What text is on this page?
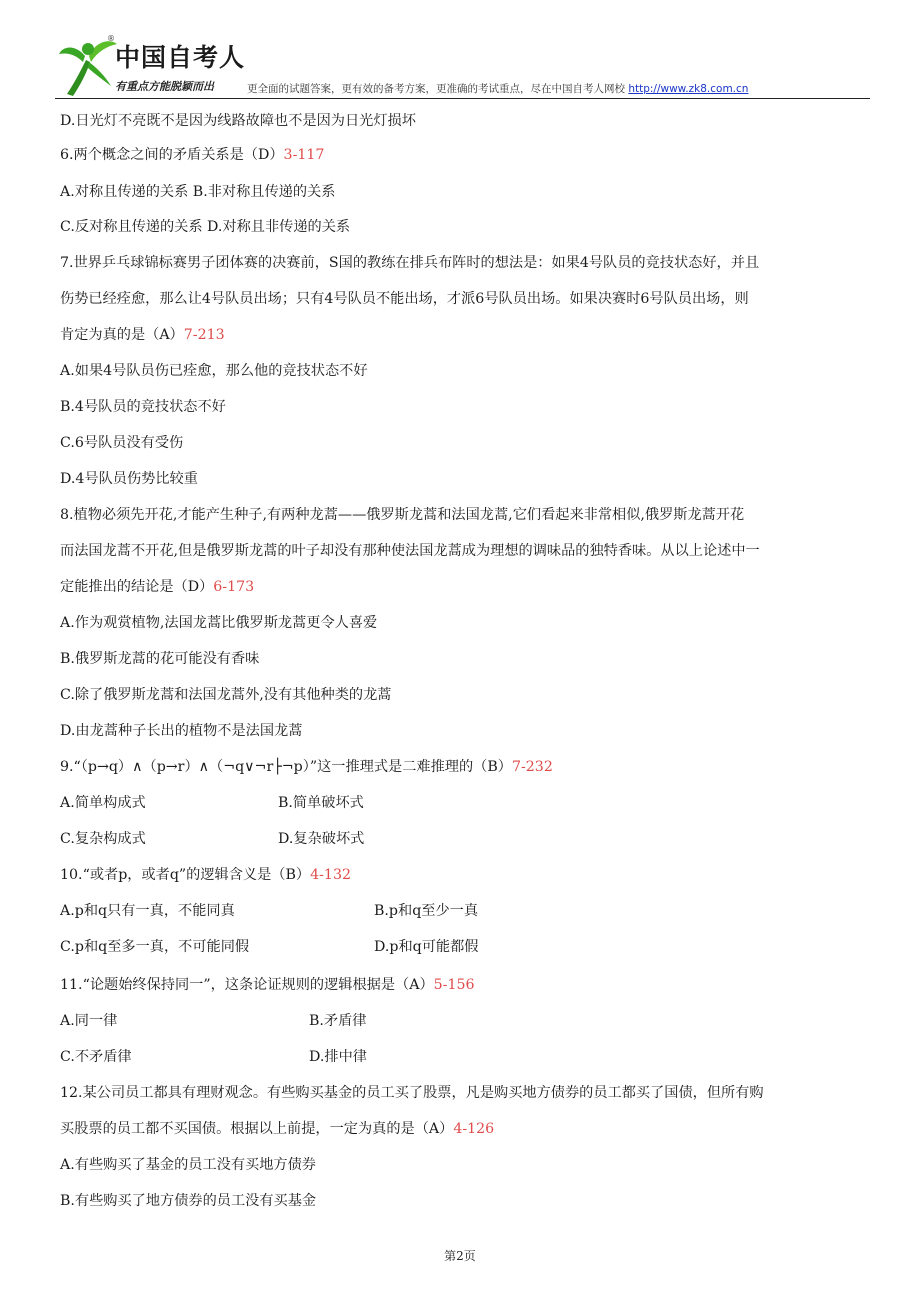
®
中国自考人
有重点方能脱颖而出	更全面的试题答案，更有效的备考方案，更准确的考试重点，尽在中国自考人网校 http://www.zk8.com.cn
D.日光灯不亮既不是因为线路故障也不是因为日光灯损坏
6.两个概念之间的矛盾关系是（D）3-117
A.对称且传递的关系 B.非对称且传递的关系
C.反对称且传递的关系 D.对称且非传递的关系
7.世界乒乓球锦标赛男子团体赛的决赛前，S国的教练在排兵布阵时的想法是：如果4号队员的竞技状态好，并且
伤势已经痊愈，那么让4号队员出场；只有4号队员不能出场，才派6号队员出场。如果决赛时6号队员出场，则
肯定为真的是（A）7-213
A.如果4号队员伤已痊愈，那么他的竞技状态不好
B.4号队员的竞技状态不好
C.6号队员没有受伤
D.4号队员伤势比较重
8.植物必须先开花,才能产生种子,有两种龙蒿——俄罗斯龙蒿和法国龙蒿,它们看起来非常相似,俄罗斯龙蒿开花
而法国龙蒿不开花,但是俄罗斯龙蒿的叶子却没有那种使法国龙蒿成为理想的调味品的独特香味。从以上论述中一
定能推出的结论是（D）6-173
A.作为观赏植物,法国龙蒿比俄罗斯龙蒿更令人喜爱
B.俄罗斯龙蒿的花可能没有香味
C.除了俄罗斯龙蒿和法国龙蒿外,没有其他种类的龙蒿
D.由龙蒿种子长出的植物不是法国龙蒿
9.“（p→q）∧（p→r）∧（¬q∨¬r├¬p）”这一推理式是二难推理的（B）7-232
A.简单构成式	B.简单破坏式
C.复杂构成式	D.复杂破坏式
10.“或者p，或者q”的逻辑含义是（B）4-132
A.p和q只有一真，不能同真	B.p和q至少一真
C.p和q至多一真，不可能同假	D.p和q可能都假
11.“论题始终保持同一”，这条论证规则的逻辑根据是（A）5-156
A.同一律	B.矛盾律
C.不矛盾律	D.排中律
12.某公司员工都具有理财观念。有些购买基金的员工买了股票，凡是购买地方债券的员工都买了国债，但所有购
买股票的员工都不买国债。根据以上前提，一定为真的是（A）4-126
A.有些购买了基金的员工没有买地方债券
B.有些购买了地方债券的员工没有买基金
第2页
